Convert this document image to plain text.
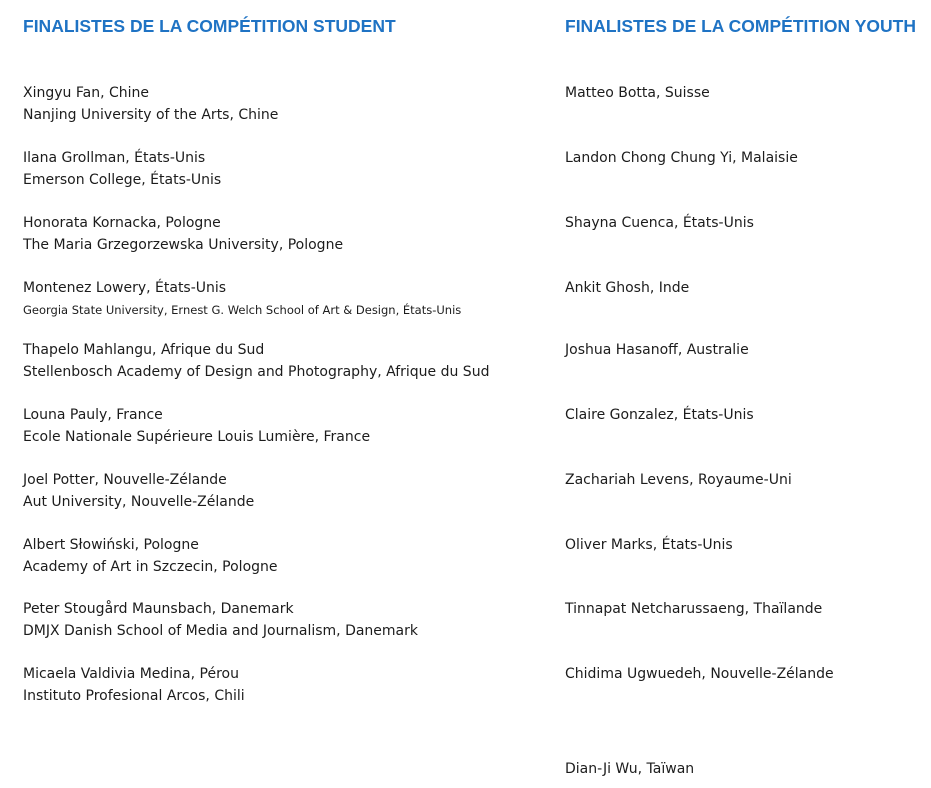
FINALISTES DE LA COMPÉTITION STUDENT	FINALISTES DE LA COMPÉTITION YOUTH
Xingyu Fan, Chine
Nanjing University of the Arts, Chine
Ilana Grollman, États-Unis
Emerson College, États-Unis
Honorata Kornacka, Pologne
The Maria Grzegorzewska University, Pologne
Montenez Lowery, États-Unis
Georgia State University, Ernest G. Welch School of Art & Design, États-Unis
Thapelo Mahlangu, Afrique du Sud
Stellenbosch Academy of Design and Photography, Afrique du Sud
Louna Pauly, France
Ecole Nationale Supérieure Louis Lumière, France
Joel Potter, Nouvelle-Zélande
Aut University, Nouvelle-Zélande
Albert Słowiński, Pologne
Academy of Art in Szczecin, Pologne
Peter Stougård Maunsbach, Danemark
DMJX Danish School of Media and Journalism, Danemark
Micaela Valdivia Medina, Pérou
Instituto Profesional Arcos, Chili
Matteo Botta, Suisse
Landon Chong Chung Yi, Malaisie
Shayna Cuenca, États-Unis
Ankit Ghosh, Inde
Joshua Hasanoff, Australie
Claire Gonzalez, États-Unis
Zachariah Levens, Royaume-Uni
Oliver Marks, États-Unis
Tinnapat Netcharussaeng, Thaïlande
Chidima Ugwuedeh, Nouvelle-Zélande
Dian-Ji Wu, Taïwan
